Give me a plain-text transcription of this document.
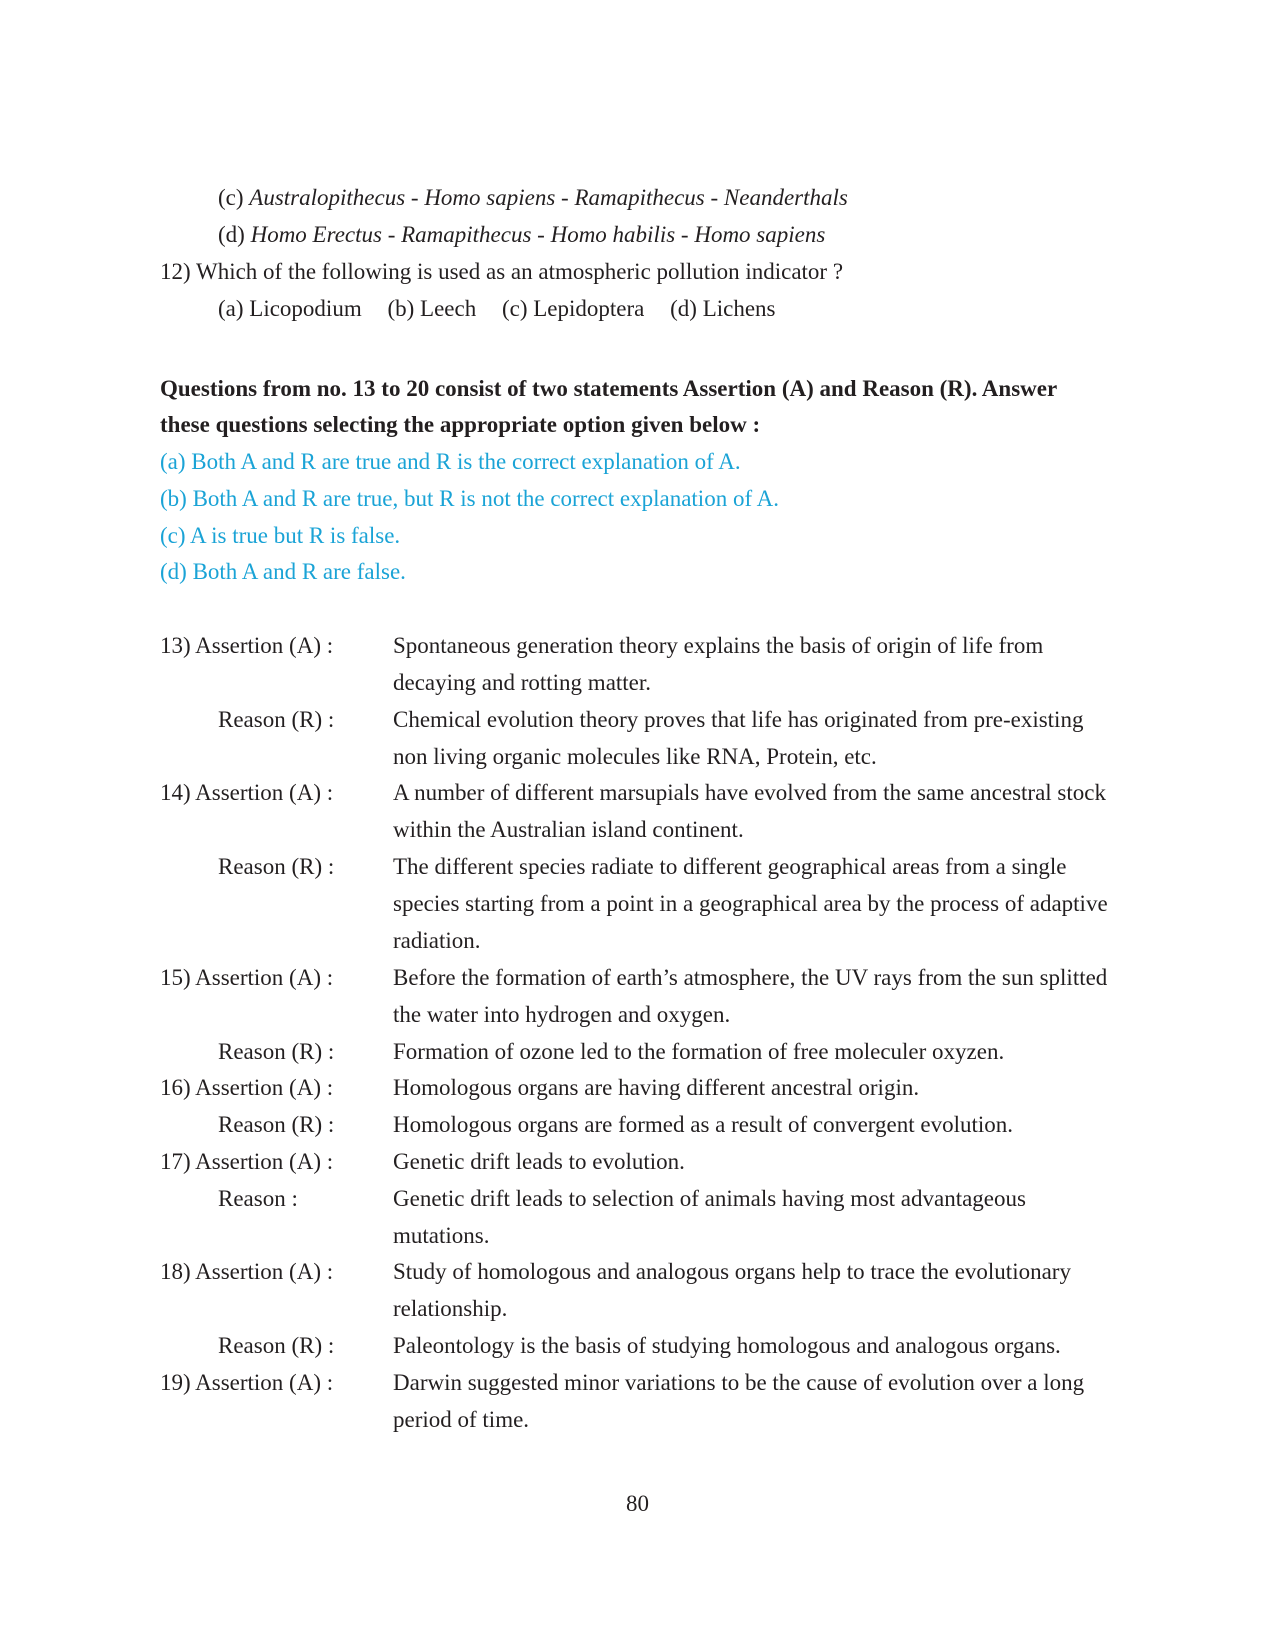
(c) Australopithecus - Homo sapiens - Ramapithecus - Neanderthals
(d) Homo Erectus - Ramapithecus - Homo habilis - Homo sapiens
12) Which of the following is used as an atmospheric pollution indicator ?
(a) Licopodium (b) Leech (c) Lepidoptera (d) Lichens
Questions from no. 13 to 20 consist of two statements Assertion (A) and Reason (R). Answer
these questions selecting the appropriate option given below :
(a) Both A and R are true and R is the correct explanation of A.
(b) Both A and R are true, but R is not the correct explanation of A.
(c) A is true but R is false.
(d) Both A and R are false.
13) Assertion (A) :	Spontaneous generation theory explains the basis of origin of life from
decaying and rotting matter.
Reason (R) :	Chemical evolution theory proves that life has originated from pre-existing
non living organic molecules like RNA, Protein, etc.
14) Assertion (A) :	A number of different marsupials have evolved from the same ancestral stock
within the Australian island continent.
Reason (R) :	The different species radiate to different geographical areas from a single
species starting from a point in a geographical area by the process of adaptive
radiation.
15) Assertion (A) :	Before the formation of earth’s atmosphere, the UV rays from the sun splitted
the water into hydrogen and oxygen.
Reason (R) :	Formation of ozone led to the formation of free moleculer oxyzen.
16) Assertion (A) :	Homologous organs are having different ancestral origin.
Reason (R) :	Homologous organs are formed as a result of convergent evolution.
17) Assertion (A) :	Genetic drift leads to evolution.
Reason :	Genetic drift leads to selection of animals having most advantageous
mutations.
18) Assertion (A) :	Study of homologous and analogous organs help to trace the evolutionary
relationship.
Reason (R) :	Paleontology is the basis of studying homologous and analogous organs.
19) Assertion (A) :	Darwin suggested minor variations to be the cause of evolution over a long
period of time.
80
